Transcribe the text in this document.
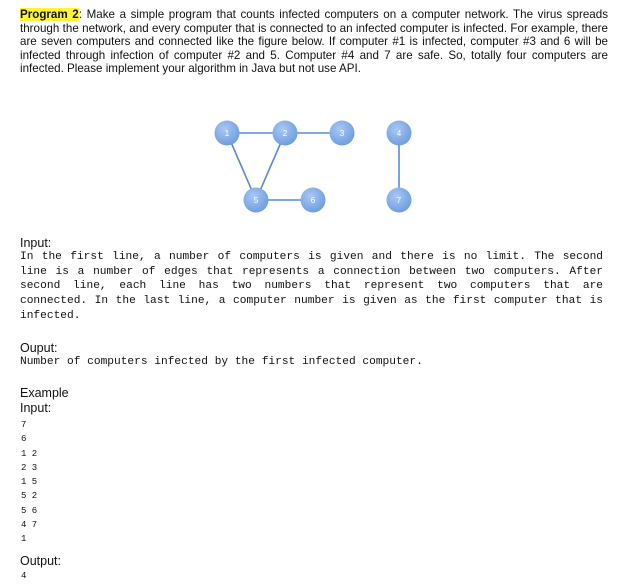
Program 2: Make a simple program that counts infected computers on a computer network. The virus spreads through the network, and every computer that is connected to an infected computer is infected. For example, there are seven computers and connected like the figure below. If computer #1 is infected, computer #3 and 6 will be infected through infection of computer #2 and 5. Computer #4 and 7 are safe. So, totally four computers are infected. Please implement your algorithm in Java but not use API.
1	2	3	4
5	6	7
Input:

In the first line, a number of computers is given and there is no limit. The second line is a number of edges that represents a connection between two computers. After second line, each line has two numbers that represent two computers that are connected. In the last line, a computer number is given as the first computer that is infected.

Ouput:

Number of computers infected by the first infected computer.

Example
Input:
7
6
1 2
2 3
1 5
5 2
5 6
4 7
1
Output:
4
